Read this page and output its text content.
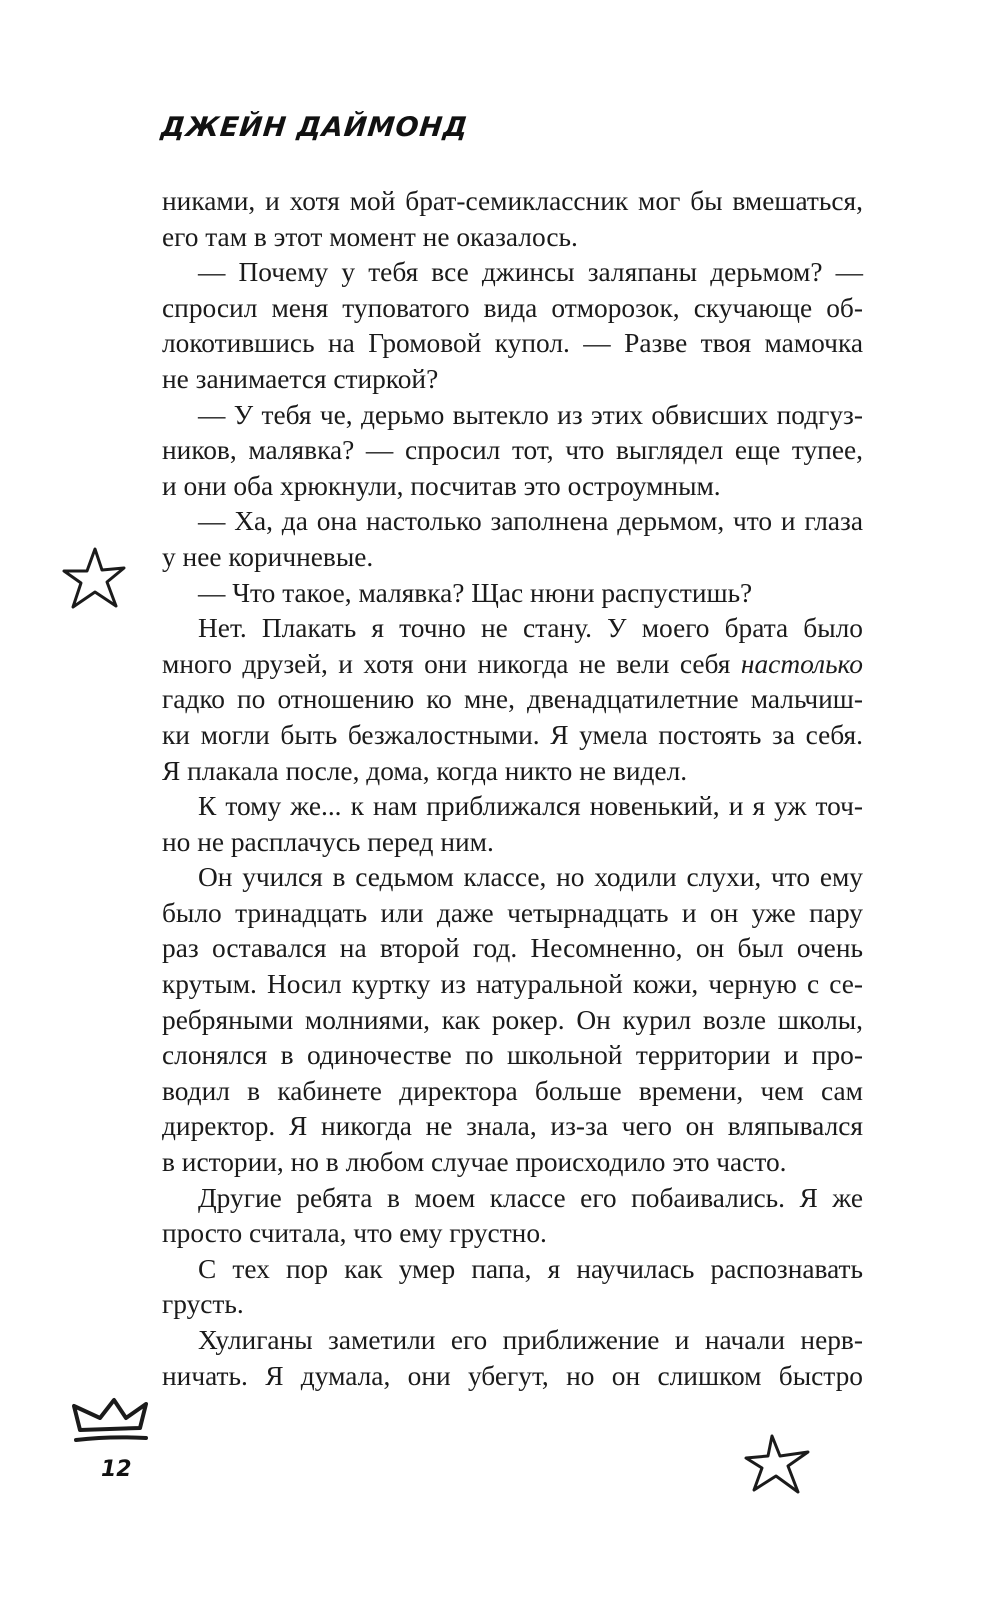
ДЖЕЙН ДАЙМОНД

никами, и хотя мой брат-семиклассник мог бы вмешаться,

его там в этот момент не оказалось.

— Почему у тебя все джинсы заляпаны дерьмом? —

спросил меня туповатого вида отморозок, скучающе об-

локотившись на Громовой купол. — Разве твоя мамочка

не занимается стиркой?

— У тебя че, дерьмо вытекло из этих обвисших подгуз-

ников, малявка? — спросил тот, что выглядел еще тупее,

и они оба хрюкнули, посчитав это остроумным.

— Ха, да она настолько заполнена дерьмом, что и глаза

у нее коричневые.

— Что такое, малявка? Щас нюни распустишь?

Нет. Плакать я точно не стану. У моего брата было

много друзей, и хотя они никогда не вели себя настолько

гадко по отношению ко мне, двенадцатилетние мальчиш-

ки могли быть безжалостными. Я умела постоять за себя.

Я плакала после, дома, когда никто не видел.

К тому же... к нам приближался новенький, и я уж точ-

но не расплачусь перед ним.

Он учился в седьмом классе, но ходили слухи, что ему

было тринадцать или даже четырнадцать и он уже пару

раз оставался на второй год. Несомненно, он был очень

крутым. Носил куртку из натуральной кожи, черную с се-

ребряными молниями, как рокер. Он курил возле школы,

слонялся в одиночестве по школьной территории и про-

водил в кабинете директора больше времени, чем сам

директор. Я никогда не знала, из-за чего он вляпывался

в истории, но в любом случае происходило это часто.

Другие ребята в моем классе его побаивались. Я же

просто считала, что ему грустно.

С тех пор как умер папа, я научилась распознавать

грусть.

Хулиганы заметили его приближение и начали нерв-

ничать. Я думала, они убегут, но он слишком быстро

12
